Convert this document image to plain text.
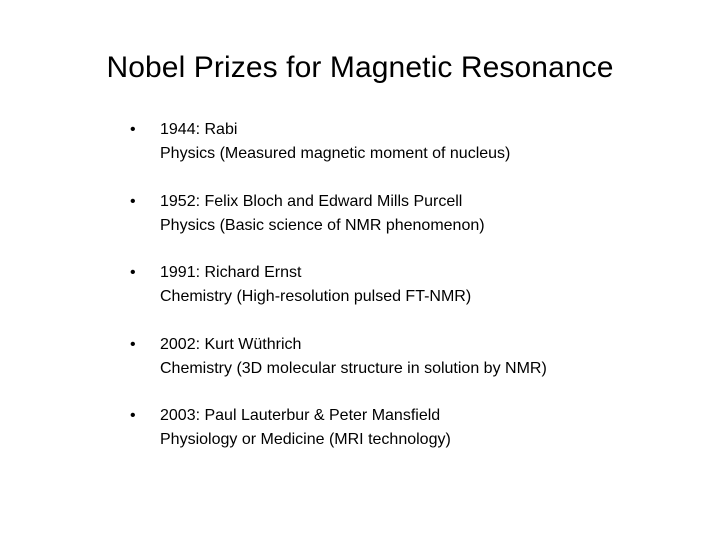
Nobel Prizes for Magnetic Resonance
• 1944: Rabi
Physics (Measured magnetic moment of nucleus)
• 1952: Felix Bloch and Edward Mills Purcell
Physics (Basic science of NMR phenomenon)
• 1991: Richard Ernst
Chemistry (High-resolution pulsed FT-NMR)
• 2002: Kurt Wüthrich
Chemistry (3D molecular structure in solution by NMR)
• 2003: Paul Lauterbur & Peter Mansfield
Physiology or Medicine (MRI technology)
